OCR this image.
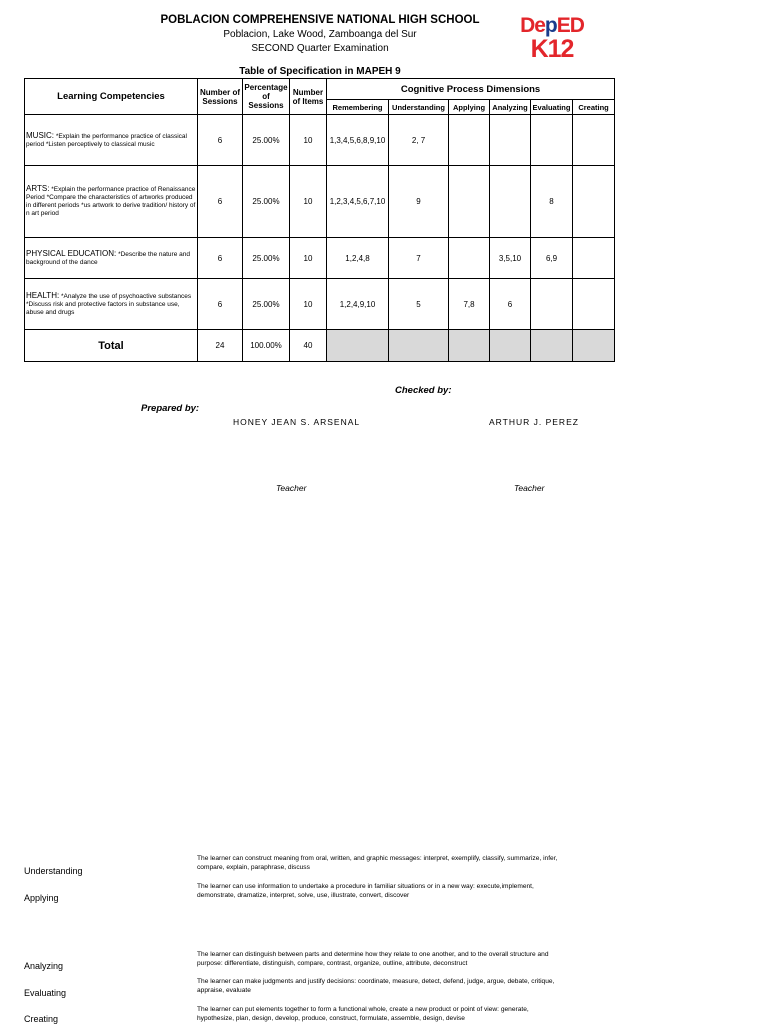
POBLACION COMPREHENSIVE NATIONAL HIGH SCHOOL
Poblacion, Lake Wood, Zamboanga del Sur
SECOND Quarter Examination
DepED
K12
Table of Specification in MAPEH 9
Learning Competencies	Number of Sessions	Percentage of Sessions	Number of Items	Cognitive Process Dimensions					
				Remembering	Understanding	Applying	Analyzing	Evaluating	Creating
MUSIC: *Explain the performance practice of classical period *Listen perceptively to classical music	6	25.00%	10	1,3,4,5,6,8,9,10	2, 7				
ARTS: *Explain the performance practice of Renaissance Period *Compare the characteristics of artworks produced in different periods *us artwork to derive tradition/ history of n art period	6	25.00%	10	1,2,3,4,5,6,7,10	9			8	
PHYSICAL EDUCATION: *Describe the nature and background of the dance	6	25.00%	10	1,2,4,8	7		3,5,10	6,9	
HEALTH: *Analyze the use of psychoactive substances *Discuss risk and protective factors in substance use, abuse and drugs	6	25.00%	10	1,2,4,9,10	5	7,8	6		
Total	24	100.00%	40						
Checked by:
Prepared by:
HONEY JEAN S. ARSENAL	ARTHUR J. PEREZ
Teacher	Teacher
Understanding
The learner can construct meaning from oral, written, and graphic messages: interpret, exemplify, classify, summarize, infer, compare, explain, paraphrase, discuss
Applying
The learner can use information to undertake a procedure in familiar situations or in a new way: execute,implement, demonstrate, dramatize, interpret, solve, use, illustrate, convert, discover
Analyzing
The learner can distinguish between parts and determine how they relate to one another, and to the overall structure and purpose: differentiate, distinguish, compare, contrast, organize, outline, attribute, deconstruct
Evaluating
The learner can make judgments and justify decisions: coordinate, measure, detect, defend, judge, argue, debate, critique, appraise, evaluate
Creating
The learner can put elements together to form a functional whole, create a new product or point of view: generate, hypothesize, plan, design, develop, produce, construct, formulate, assemble, design, devise
